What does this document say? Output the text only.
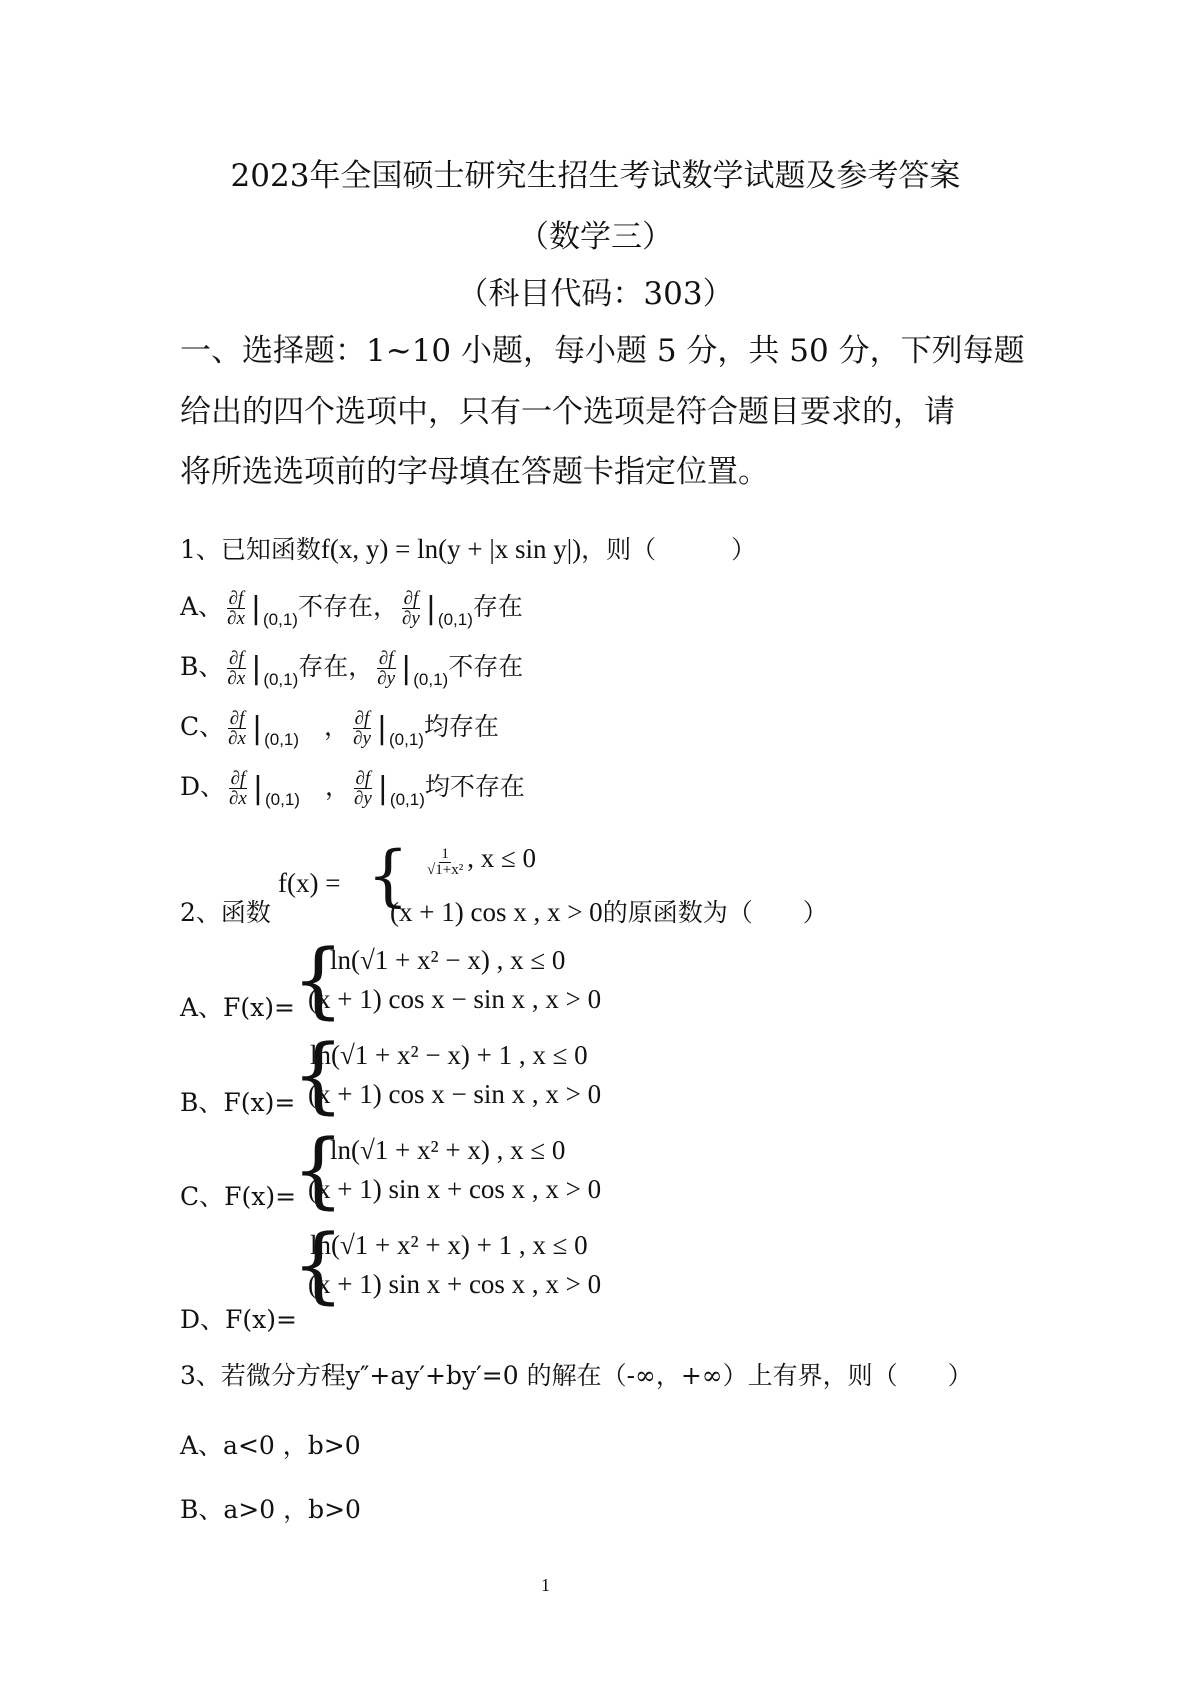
2023年全国硕士研究生招生考试数学试题及参考答案
（数学三）
（科目代码：303）
一、选择题：1~10 小题，每小题 5 分，共 50 分，下列每题
给出的四个选项中，只有一个选项是符合题目要求的，请
将所选选项前的字母填在答题卡指定位置。
1、已知函数f(x, y) = ln(y + |x sin y|)，则（　　　）
A、 $\frac{\partial f}{\partial x}$ | $_{(0,1)}$不存在， $\frac{\partial f}{\partial y}$ | $_{(0,1)}$存在
B、 $\frac{\partial f}{\partial x}$ | $_{(0,1)}$存在， $\frac{\partial f}{\partial y}$ | $_{(0,1)}$不存在
C、 $\frac{\partial f}{\partial x}$ | $_{(0,1)}$　， $\frac{\partial f}{\partial y}$ | $_{(0,1)}$均存在
D、 $\frac{\partial f}{\partial x}$ | $_{(0,1)}$　， $\frac{\partial f}{\partial y}$ | $_{(0,1)}$均不存在
2、函数
f(x) = { $\frac{1}{\text{√1+x²}}$ , x ≤ 0
(x + 1) cos x , x > 0的原函数为（　　）
A、F(x)=
{
ln(√1 + x² − x) , x ≤ 0
(x + 1) cos x − sin x , x > 0
B、F(x)=
{
ln(√1 + x² − x) + 1 , x ≤ 0
(x + 1) cos x − sin x , x > 0
C、F(x)=
{
ln(√1 + x² + x) , x ≤ 0
(x + 1) sin x + cos x , x > 0
{
ln(√1 + x² + x) + 1 , x ≤ 0
(x + 1) sin x + cos x , x > 0
D、F(x)=
3、若微分方程y″+ay′+by′=0 的解在（-∞，+∞）上有界，则（　　）
A、a<0 ，b>0
B、a>0 ，b>0
1
